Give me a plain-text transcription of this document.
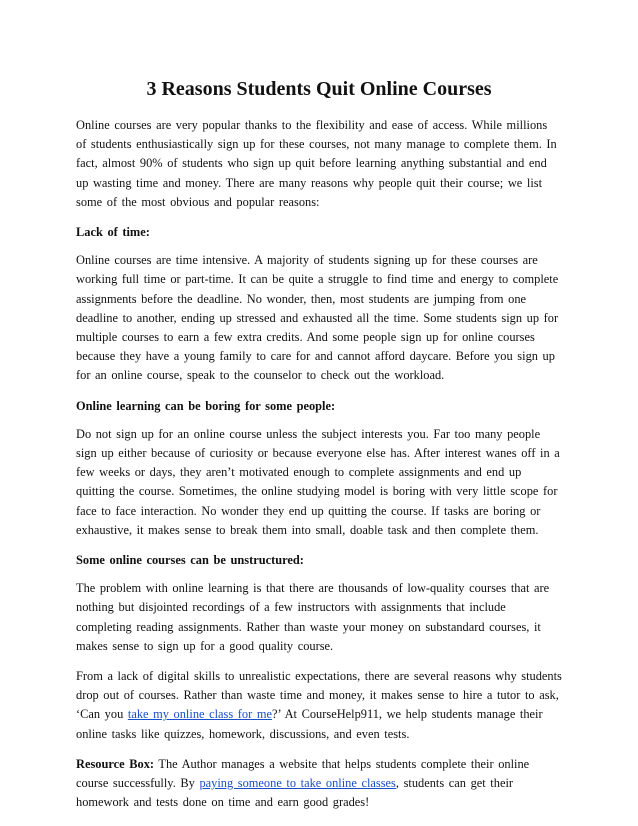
3 Reasons Students Quit Online Courses

Online courses are very popular thanks to the flexibility and ease of access. While millions of students enthusiastically sign up for these courses, not many manage to complete them. In fact, almost 90% of students who sign up quit before learning anything substantial and end up wasting time and money. There are many reasons why people quit their course; we list some of the most obvious and popular reasons:

Lack of time:

Online courses are time intensive. A majority of students signing up for these courses are working full time or part-time. It can be quite a struggle to find time and energy to complete assignments before the deadline. No wonder, then, most students are jumping from one deadline to another, ending up stressed and exhausted all the time. Some students sign up for multiple courses to earn a few extra credits. And some people sign up for online courses because they have a young family to care for and cannot afford daycare. Before you sign up for an online course, speak to the counselor to check out the workload.

Online learning can be boring for some people:

Do not sign up for an online course unless the subject interests you. Far too many people sign up either because of curiosity or because everyone else has. After interest wanes off in a few weeks or days, they aren’t motivated enough to complete assignments and end up quitting the course. Sometimes, the online studying model is boring with very little scope for face to face interaction. No wonder they end up quitting the course. If tasks are boring or exhaustive, it makes sense to break them into small, doable task and then complete them.

Some online courses can be unstructured:

The problem with online learning is that there are thousands of low-quality courses that are nothing but disjointed recordings of a few instructors with assignments that include completing reading assignments. Rather than waste your money on substandard courses, it makes sense to sign up for a good quality course.

From a lack of digital skills to unrealistic expectations, there are several reasons why students drop out of courses. Rather than waste time and money, it makes sense to hire a tutor to ask, ‘Can you take my online class for me?’ At CourseHelp911, we help students manage their online tasks like quizzes, homework, discussions, and even tests.

Resource Box: The Author manages a website that helps students complete their online course successfully. By paying someone to take online classes, students can get their homework and tests done on time and earn good grades!
